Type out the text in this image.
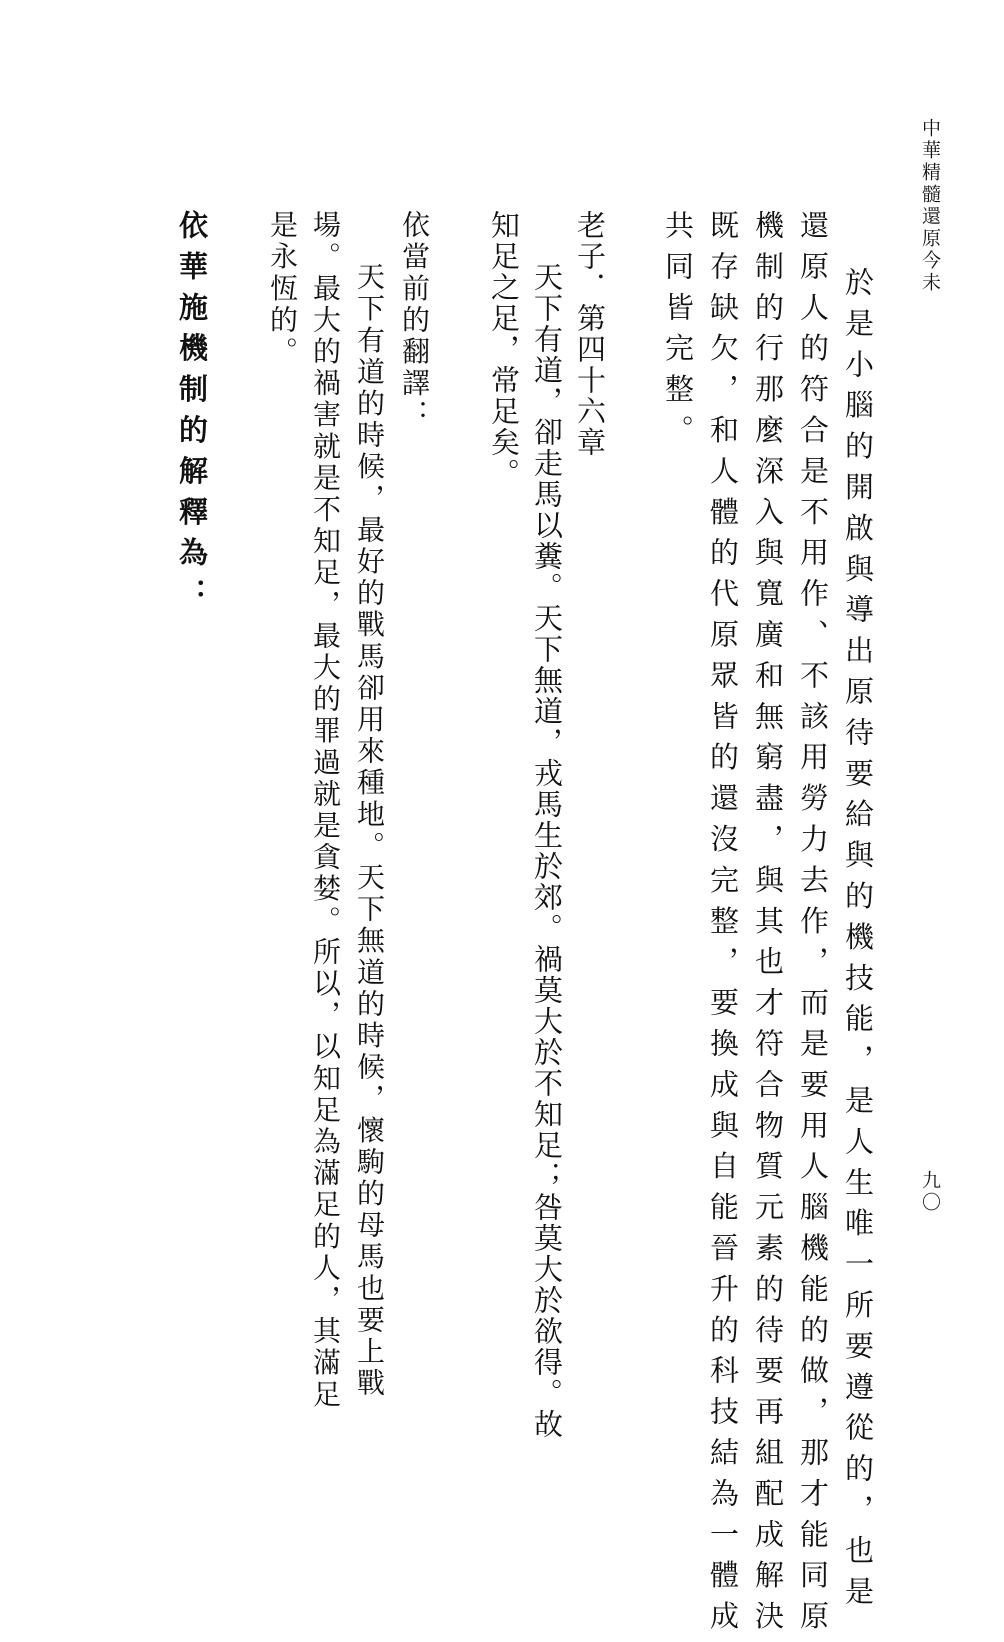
中華精髓還原今未
九〇
於是小腦的開啟與導出原待要給與的機技能，是人生唯一所要遵從的，也是
還原人的符合是不用作、不該用勞力去作，而是要用人腦機能的做，那才能同原
機制的行那麼深入與寬廣和無窮盡，與其也才符合物質元素的待要再組配成解決
既存缺欠，和人體的代原眾皆的還沒完整，要換成與自能晉升的科技結為一體成
共同皆完整。
老子．第四十六章
天下有道，卻走馬以糞。天下無道，戎馬生於郊。禍莫大於不知足；咎莫大於欲得。故
知足之足，常足矣。
依當前的翻譯：
天下有道的時候，最好的戰馬卻用來種地。天下無道的時候，懷駒的母馬也要上戰
場。最大的禍害就是不知足，最大的罪過就是貪婪。所以，以知足為滿足的人，其滿足
是永恆的。
依華施機制的解釋為：
